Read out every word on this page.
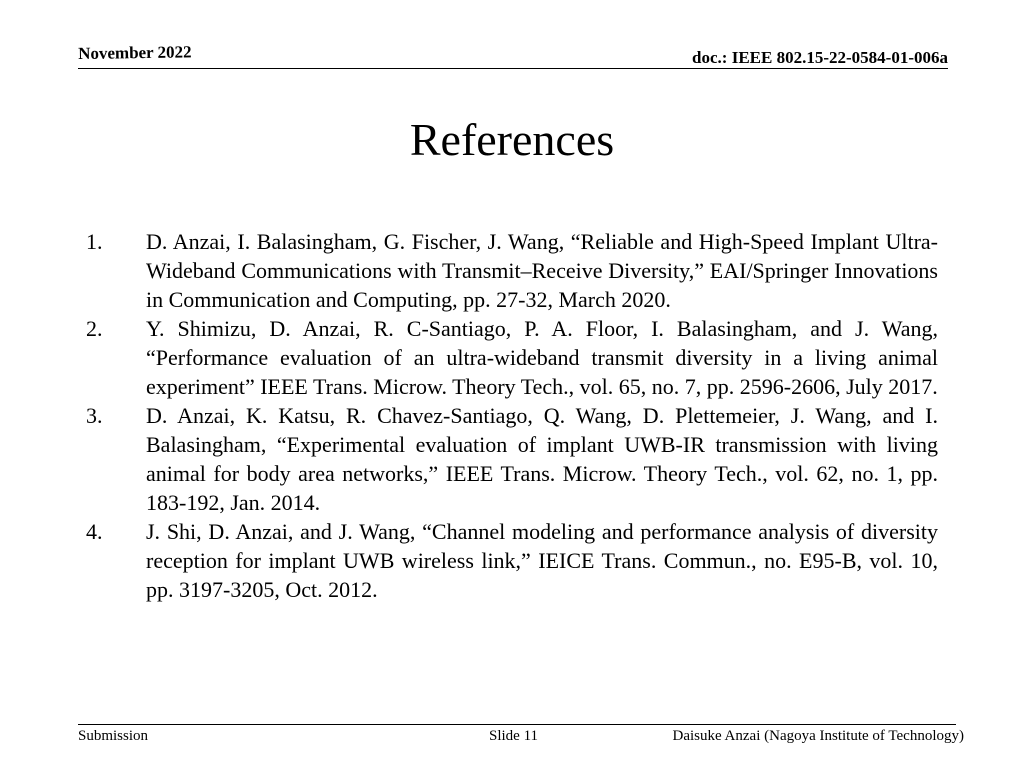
November 2022	doc.: IEEE 802.15-22-0584-01-006a
References
1. D. Anzai, I. Balasingham, G. Fischer, J. Wang, “Reliable and High-Speed Implant Ultra-Wideband Communications with Transmit–Receive Diversity,” EAI/Springer Innovations in Communication and Computing, pp. 27-32, March 2020.
2. Y. Shimizu, D. Anzai, R. C-Santiago, P. A. Floor, I. Balasingham, and J. Wang, “Performance evaluation of an ultra-wideband transmit diversity in a living animal experiment” IEEE Trans. Microw. Theory Tech., vol. 65, no. 7, pp. 2596-2606, July 2017.
3. D. Anzai, K. Katsu, R. Chavez-Santiago, Q. Wang, D. Plettemeier, J. Wang, and I. Balasingham, “Experimental evaluation of implant UWB-IR transmission with living animal for body area networks,” IEEE Trans. Microw. Theory Tech., vol. 62, no. 1, pp. 183-192, Jan. 2014.
4. J. Shi, D. Anzai, and J. Wang, “Channel modeling and performance analysis of diversity reception for implant UWB wireless link,” IEICE Trans. Commun., no. E95-B, vol. 10, pp. 3197-3205, Oct. 2012.
Submission	Slide 11	Daisuke Anzai (Nagoya Institute of Technology)
